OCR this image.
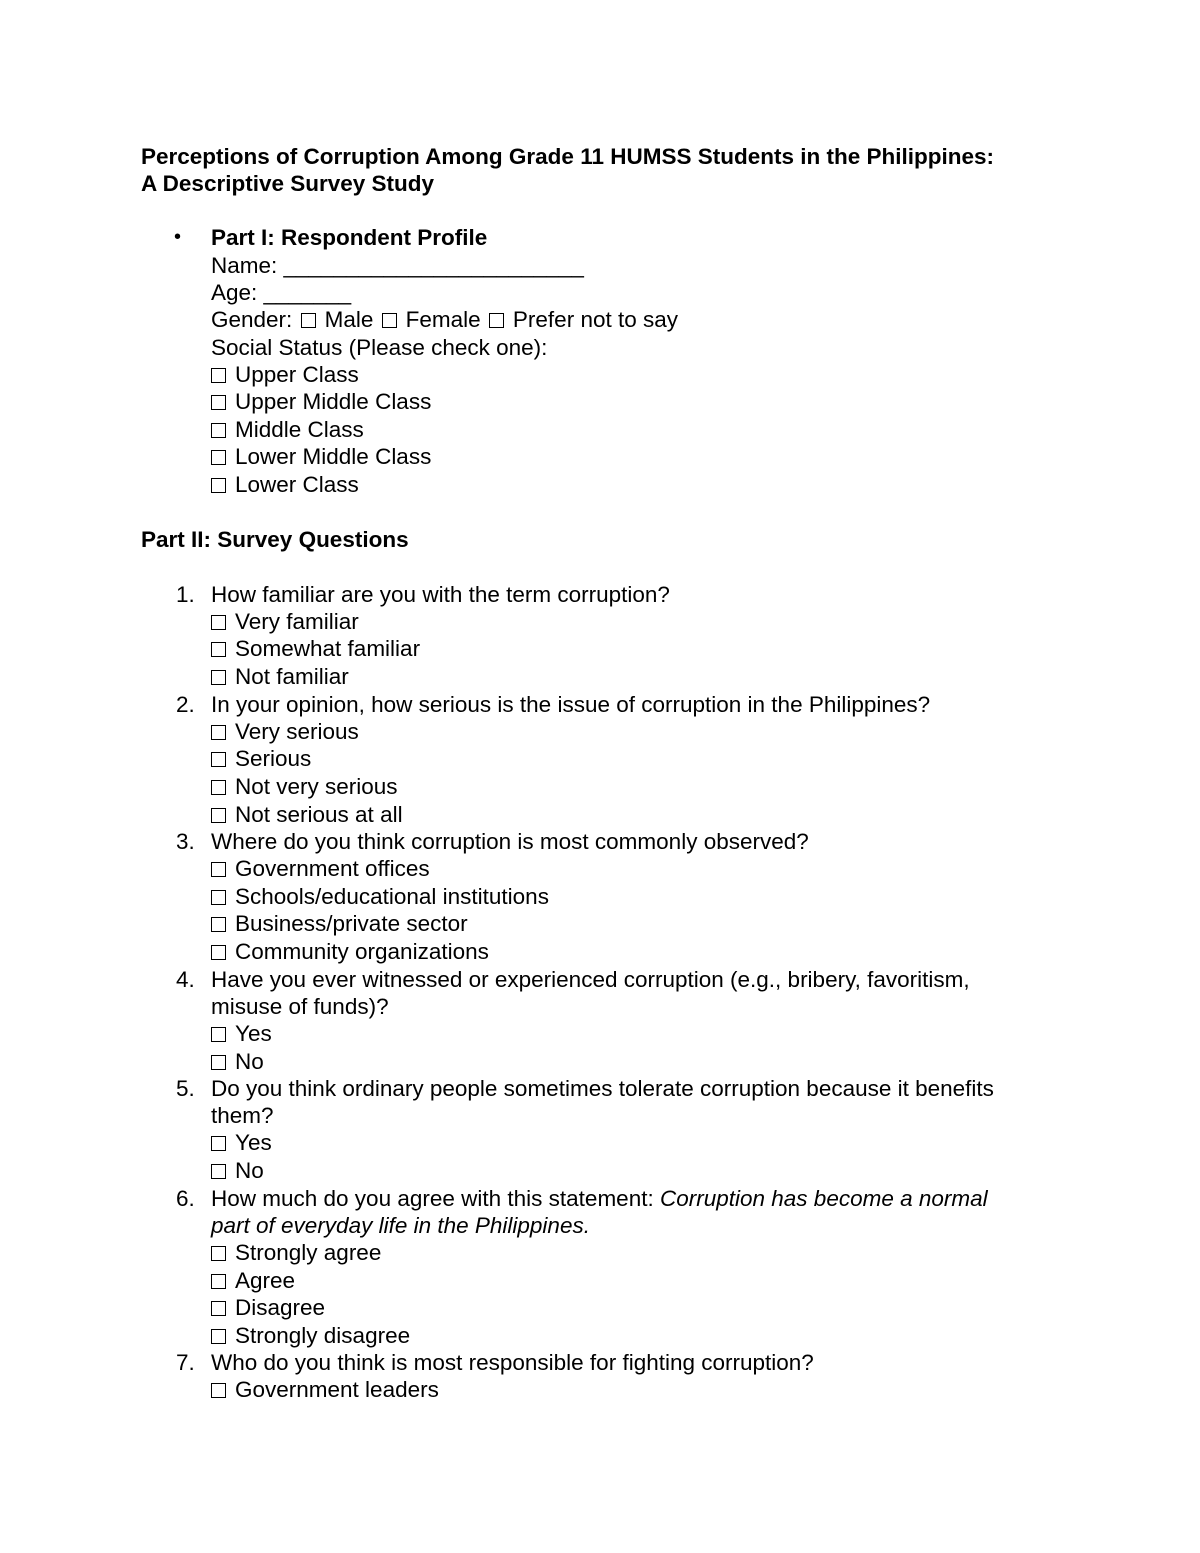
Perceptions of Corruption Among Grade 11 HUMSS Students in the Philippines:
A Descriptive Survey Study
• Part I: Respondent Profile
Name: ________________________
Age: _______
Gender: Male Female Prefer not to say
Social Status (Please check one):
Upper Class
Upper Middle Class
Middle Class
Lower Middle Class
Lower Class
Part II: Survey Questions
1. How familiar are you with the term corruption?
Very familiar
Somewhat familiar
Not familiar
2. In your opinion, how serious is the issue of corruption in the Philippines?
Very serious
Serious
Not very serious
Not serious at all
3. Where do you think corruption is most commonly observed?
Government offices
Schools/educational institutions
Business/private sector
Community organizations
4. Have you ever witnessed or experienced corruption (e.g., bribery, favoritism,
misuse of funds)?
Yes
No
5. Do you think ordinary people sometimes tolerate corruption because it benefits
them?
Yes
No
6. How much do you agree with this statement: Corruption has become a normal
part of everyday life in the Philippines.
Strongly agree
Agree
Disagree
Strongly disagree
7. Who do you think is most responsible for fighting corruption?
Government leaders
